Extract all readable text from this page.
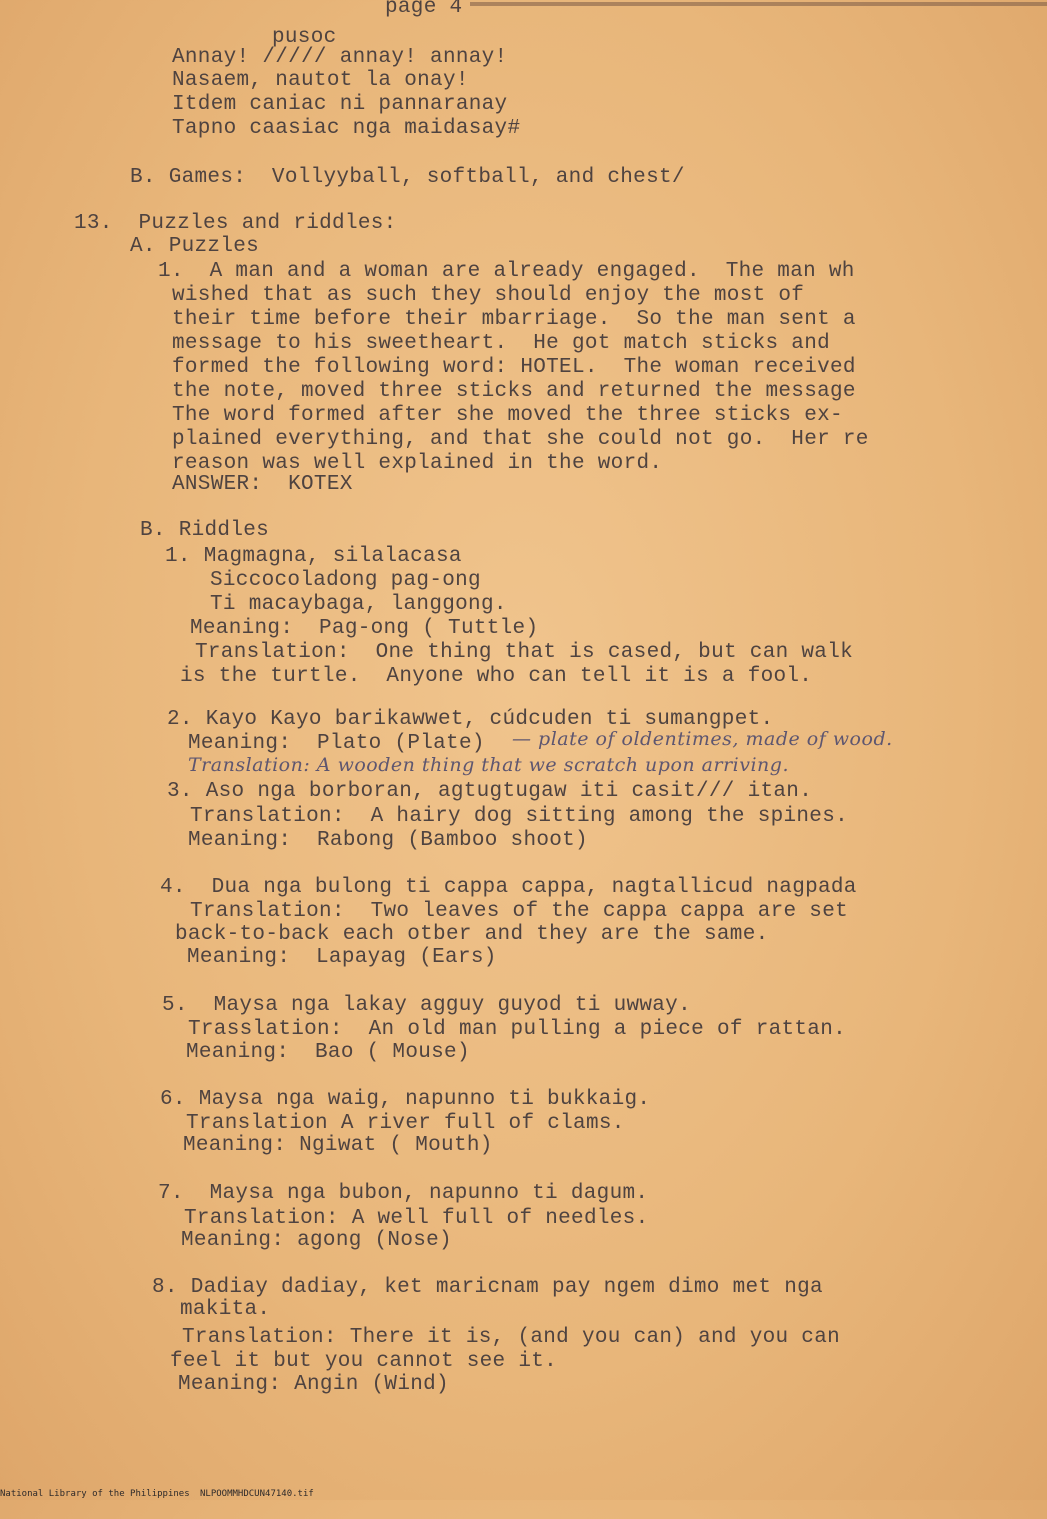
page 4
pusoc
Annay! ///// annay! annay!
Nasaem, nautot la onay!
Itdem caniac ni pannaranay
Tapno caasiac nga maidasay#
B. Games:  Vollyyball, softball, and chest/
13.  Puzzles and riddles:
A. Puzzles
1.  A man and a woman are already engaged.  The man wh
wished that as such they should enjoy the most of
their time before their mbarriage.  So the man sent a
message to his sweetheart.  He got match sticks and
formed the following word: HOTEL.  The woman received
the note, moved three sticks and returned the message
The word formed after she moved the three sticks ex-
plained everything, and that she could not go.  Her re
reason was well explained in the word.
ANSWER:  KOTEX
B. Riddles
1. Magmagna, silalacasa
Siccocoladong pag-ong
Ti macaybaga, langgong.
Meaning:  Pag-ong ( Tuttle)
Translation:  One thing that is cased, but can walk
is the turtle.  Anyone who can tell it is a fool.
2. Kayo Kayo barikawwet, cúdcuden ti sumangpet.
Meaning:  Plato (Plate) — plate of oldentimes, made of wood.
Translation: A wooden thing that we scratch upon arriving.
3. Aso nga borboran, agtugtugaw iti casit/// itan.
Translation:  A hairy dog sitting among the spines.
Meaning:  Rabong (Bamboo shoot)
4.  Dua nga bulong ti cappa cappa, nagtallicud nagpada
Translation:  Two leaves of the cappa cappa are set
back-to-back each otber and they are the same.
Meaning:  Lapayag (Ears)
5.  Maysa nga lakay agguy guyod ti uwway.
Trasslation:  An old man pulling a piece of rattan.
Meaning:  Bao ( Mouse)
6. Maysa nga waig, napunno ti bukkaig.
Translation A river full of clams.
Meaning: Ngiwat ( Mouth)
7.  Maysa nga bubon, napunno ti dagum.
Translation: A well full of needles.
Meaning: agong (Nose)
8. Dadiay dadiay, ket maricnam pay ngem dimo met nga
makita.
Translation: There it is, (and you can) and you can
feel it but you cannot see it.
Meaning: Angin (Wind)

National Library of the Philippines

NLPOOMMHDCUN47140.tif
